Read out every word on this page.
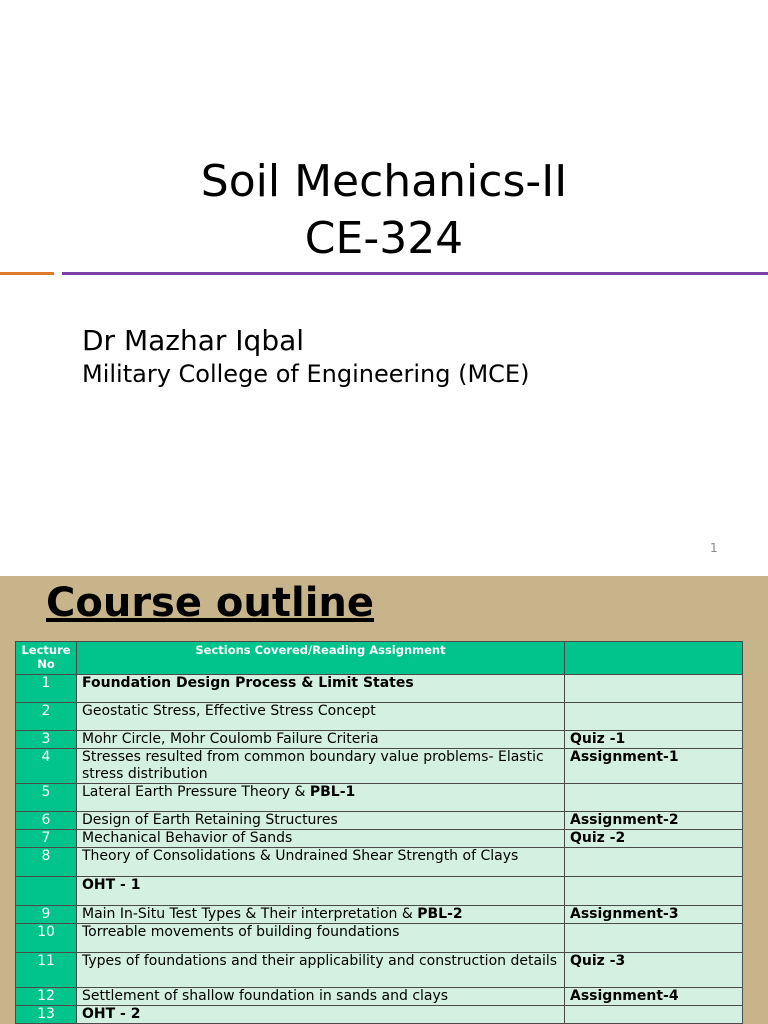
Soil Mechanics-II
CE-324
Dr Mazhar Iqbal
Military College of Engineering (MCE)
1
Course outline
Lecture No	Sections Covered/Reading Assignment	
1	Foundation Design Process & Limit States	
2	Geostatic Stress, Effective Stress Concept	
3	Mohr Circle, Mohr Coulomb Failure Criteria	Quiz -1
4	Stresses resulted from common boundary value problems- Elastic stress distribution	Assignment-1
5	Lateral Earth Pressure Theory & PBL-1	
6	Design of Earth Retaining Structures	Assignment-2
7	Mechanical Behavior of Sands	Quiz -2
8	Theory of Consolidations & Undrained Shear Strength of Clays	
	OHT - 1	
9	Main In-Situ Test Types & Their interpretation & PBL-2	Assignment-3
10	Torreable movements of building foundations	
11	Types of foundations and their applicability and construction details	Quiz -3
12	Settlement of shallow foundation in sands and clays	Assignment-4
13	OHT - 2	
